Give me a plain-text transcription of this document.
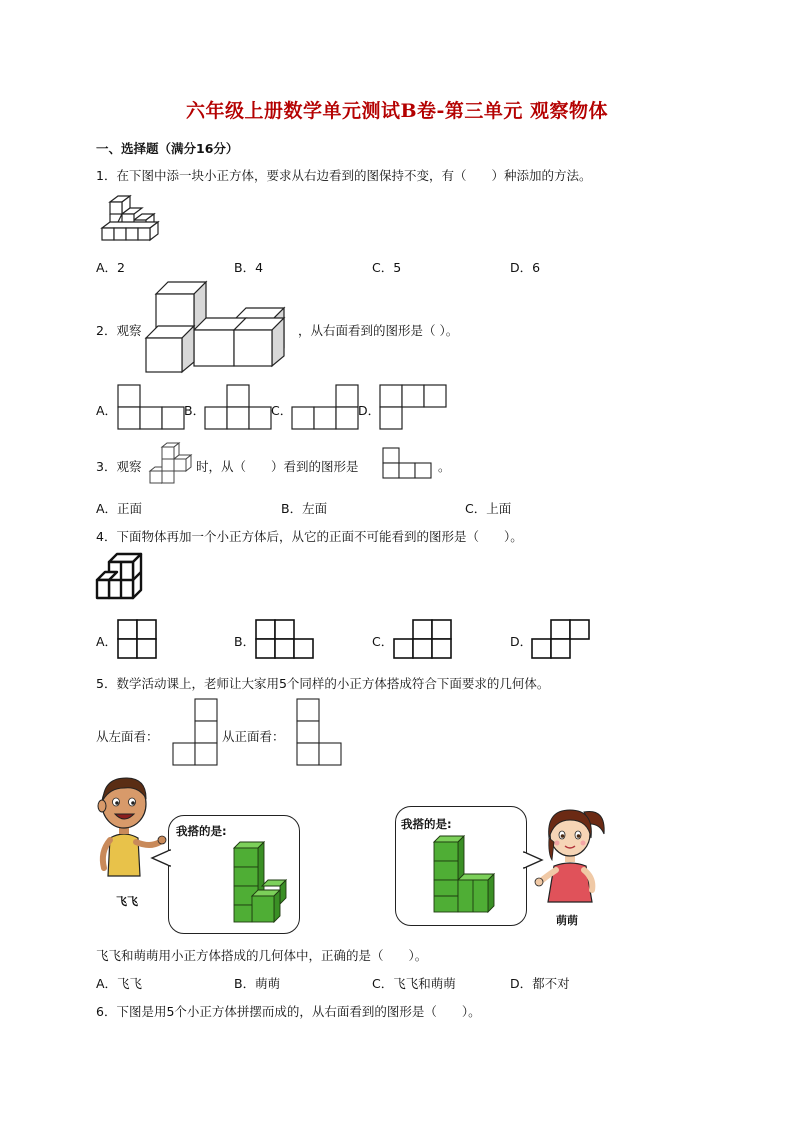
六年级上册数学单元测试B卷-第三单元 观察物体
一、选择题（满分16分）
1．在下图中添一块小正方体，要求从右边看到的图保持不变，有（　　）种添加的方法。
A．2	B．4	C．5	D．6
2．观察	，从右面看到的图形是（ ）。
A．	B．	C．	D．
3．观察	时，从（　　）看到的图形是	。
A．正面	B．左面	C．上面
4．下面物体再加一个小正方体后，从它的正面不可能看到的图形是（　　）。
A．	B．	C．	D．
5．数学活动课上，老师让大家用5个同样的小正方体搭成符合下面要求的几何体。
从左面看：	从正面看：
飞飞
我搭的是:	我搭的是:
萌萌
飞飞和萌萌用小正方体搭成的几何体中，正确的是（　　）。
A．飞飞	B．萌萌	C．飞飞和萌萌	D．都不对
6．下图是用5个小正方体拼摆而成的，从右面看到的图形是（　　）。
